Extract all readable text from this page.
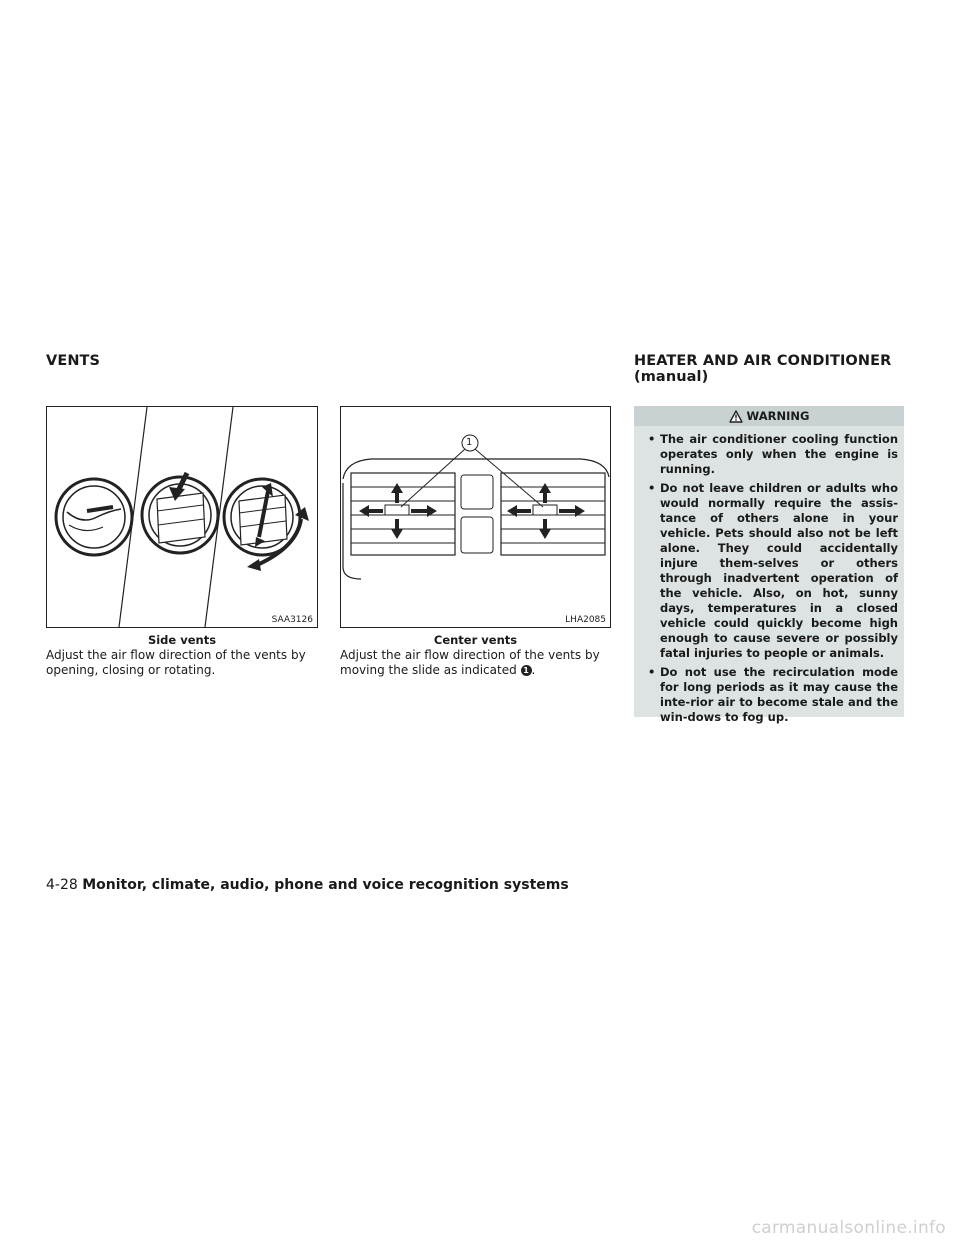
VENTS	HEATER AND AIR CONDITIONER
(manual)
SAA3126
Side vents
Adjust the air flow direction of the vents by opening, closing or rotating.
1
LHA2085
Center vents
Adjust the air flow direction of the vents by moving the slide as indicated 1 .
WARNING
• The air conditioner cooling function operates only when the engine is running.
• Do not leave children or adults who would normally require the assis-tance of others alone in your vehicle. Pets should also not be left alone. They could accidentally injure them-selves or others through inadvertent operation of the vehicle. Also, on hot, sunny days, temperatures in a closed vehicle could quickly become high enough to cause severe or possibly fatal injuries to people or animals.
• Do not use the recirculation mode for long periods as it may cause the inte-rior air to become stale and the win-dows to fog up.
4-28 Monitor, climate, audio, phone and voice recognition systems
carmanualsonline.info
